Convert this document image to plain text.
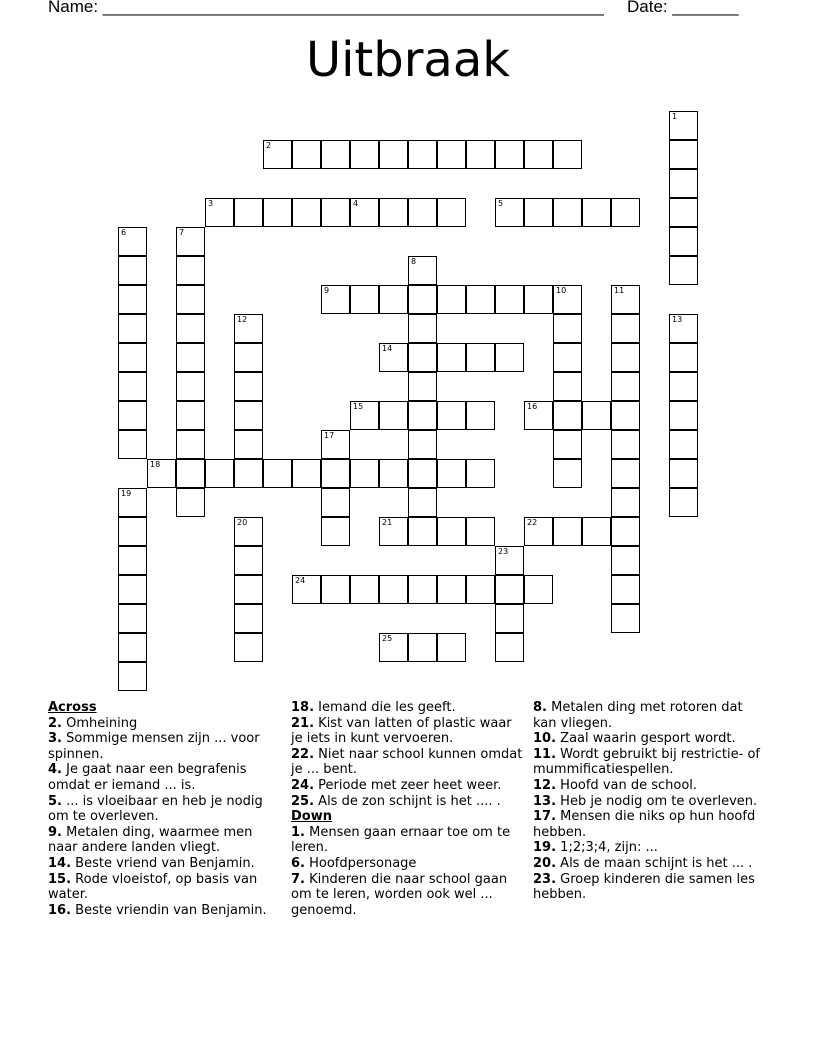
Name: _____________________________________________________ Date: _______
Uitbraak
1
2
3	4	5
6	7
8
9	10	11
12	13
14
15	16
17
18
19
20	21	22
23
24
25
Across

2. Omheining

3. Sommige mensen zijn ... voor spinnen.

4. Je gaat naar een begrafenis omdat er iemand ... is.

5. ... is vloeibaar en heb je nodig om te overleven.

9. Metalen ding, waarmee men naar andere landen vliegt.

14. Beste vriend van Benjamin.

15. Rode vloeistof, op basis van water.

16. Beste vriendin van Benjamin.

18. Iemand die les geeft.

21. Kist van latten of plastic waar je iets in kunt vervoeren.

22. Niet naar school kunnen omdat je ... bent.

24. Periode met zeer heet weer.

25. Als de zon schijnt is het .... .

Down

1. Mensen gaan ernaar toe om te leren.

6. Hoofdpersonage

7. Kinderen die naar school gaan om te leren, worden ook wel ... genoemd.

8. Metalen ding met rotoren dat kan vliegen.

10. Zaal waarin gesport wordt.

11. Wordt gebruikt bij restrictie- of mummificatiespellen.

12. Hoofd van de school.

13. Heb je nodig om te overleven.

17. Mensen die niks op hun hoofd hebben.

19. 1;2;3;4, zijn: ...

20. Als de maan schijnt is het ... .

23. Groep kinderen die samen les hebben.
